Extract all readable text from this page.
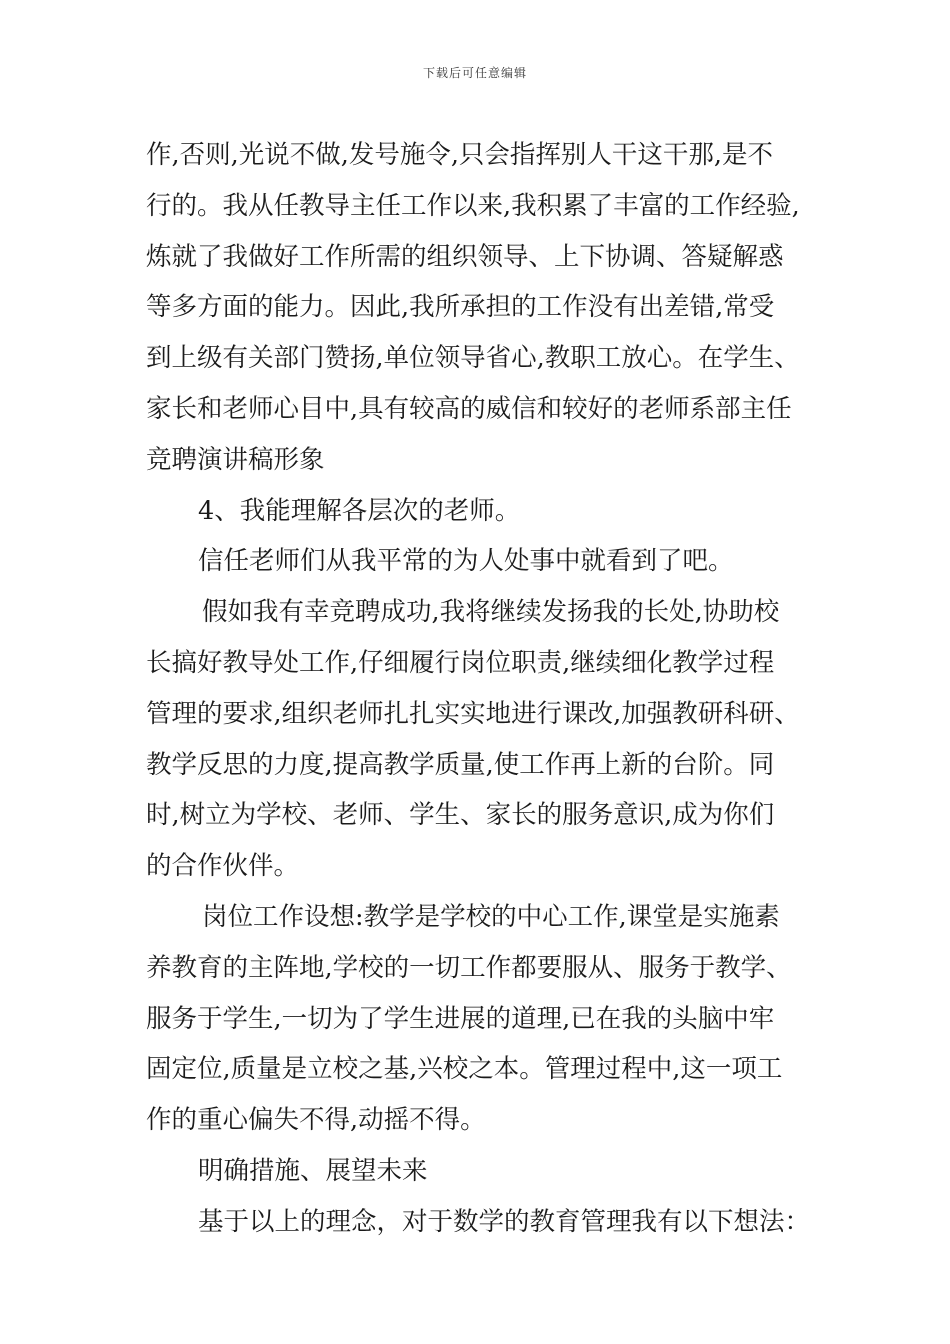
下载后可任意编辑
作,否则,光说不做,发号施令,只会指挥别人干这干那,是不
行的。我从任教导主任工作以来,我积累了丰富的工作经验,
炼就了我做好工作所需的组织领导、上下协调、答疑解惑
等多方面的能力。因此,我所承担的工作没有出差错,常受
到上级有关部门赞扬,单位领导省心,教职工放心。在学生、
家长和老师心目中,具有较高的威信和较好的老师系部主任
竞聘演讲稿形象
4、我能理解各层次的老师。
信任老师们从我平常的为人处事中就看到了吧。
假如我有幸竞聘成功,我将继续发扬我的长处,协助校
长搞好教导处工作,仔细履行岗位职责,继续细化教学过程
管理的要求,组织老师扎扎实实地进行课改,加强教研科研、
教学反思的力度,提高教学质量,使工作再上新的台阶。同
时,树立为学校、老师、学生、家长的服务意识,成为你们
的合作伙伴。
岗位工作设想:教学是学校的中心工作,课堂是实施素
养教育的主阵地,学校的一切工作都要服从、服务于教学、
服务于学生,一切为了学生进展的道理,已在我的头脑中牢
固定位,质量是立校之基,兴校之本。管理过程中,这一项工
作的重心偏失不得,动摇不得。
明确措施、展望未来
基于以上的理念，对于数学的教育管理我有以下想法：
